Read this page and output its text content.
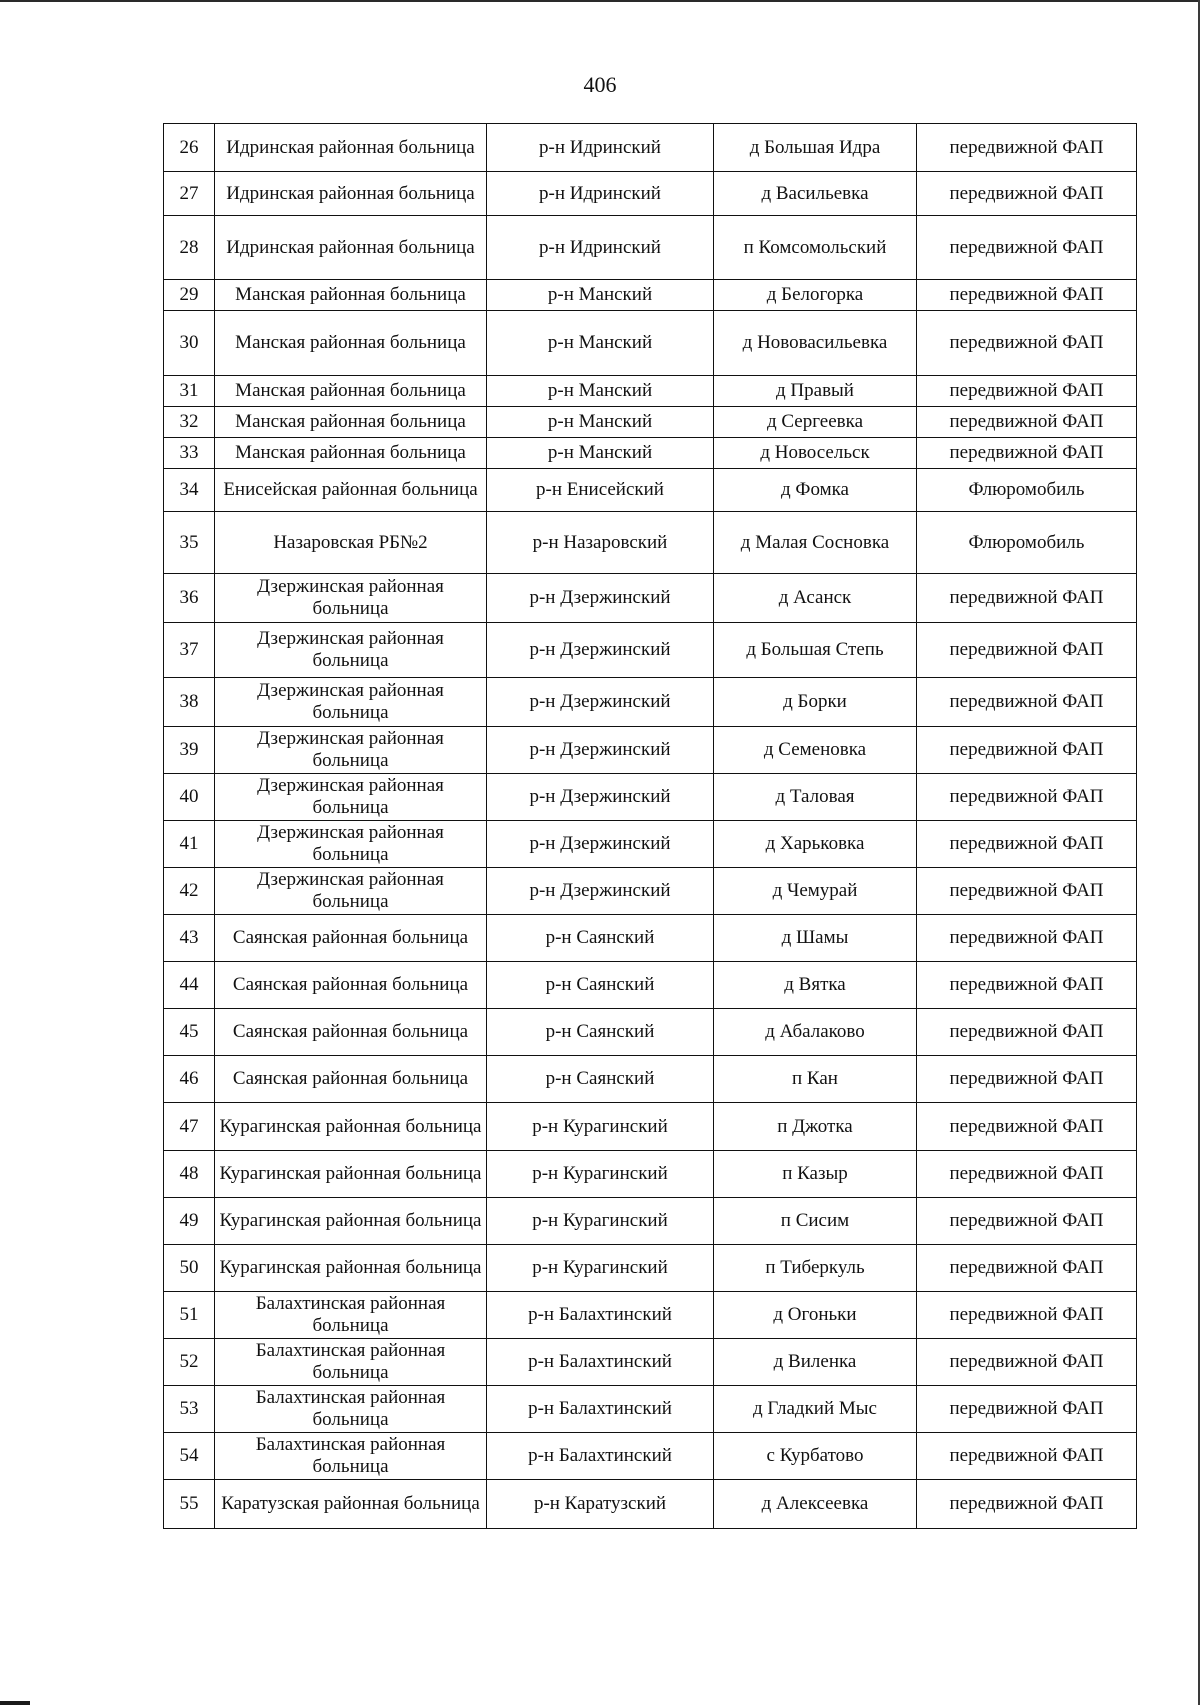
406
26	Идринская районная больница	р-н Идринский	д Большая Идра	передвижной ФАП
27	Идринская районная больница	р-н Идринский	д Васильевка	передвижной ФАП
28	Идринская районная больница	р-н Идринский	п Комсомольский	передвижной ФАП
29	Манская районная больница	р-н Манский	д Белогорка	передвижной ФАП
30	Манская районная больница	р-н Манский	д Нововасильевка	передвижной ФАП
31	Манская районная больница	р-н Манский	д Правый	передвижной ФАП
32	Манская районная больница	р-н Манский	д Сергеевка	передвижной ФАП
33	Манская районная больница	р-н Манский	д Новосельск	передвижной ФАП
34	Енисейская районная больница	р-н Енисейский	д Фомка	Флюромобиль
35	Назаровская РБ№2	р-н Назаровский	д Малая Сосновка	Флюромобиль
36	Дзержинская районная больница	р-н Дзержинский	д Асанск	передвижной ФАП
37	Дзержинская районная больница	р-н Дзержинский	д Большая Степь	передвижной ФАП
38	Дзержинская районная больница	р-н Дзержинский	д Борки	передвижной ФАП
39	Дзержинская районная больница	р-н Дзержинский	д Семеновка	передвижной ФАП
40	Дзержинская районная больница	р-н Дзержинский	д Таловая	передвижной ФАП
41	Дзержинская районная больница	р-н Дзержинский	д Харьковка	передвижной ФАП
42	Дзержинская районная больница	р-н Дзержинский	д Чемурай	передвижной ФАП
43	Саянская районная больница	р-н Саянский	д Шамы	передвижной ФАП
44	Саянская районная больница	р-н Саянский	д Вятка	передвижной ФАП
45	Саянская районная больница	р-н Саянский	д Абалаково	передвижной ФАП
46	Саянская районная больница	р-н Саянский	п Кан	передвижной ФАП
47	Курагинская районная больница	р-н Курагинский	п Джотка	передвижной ФАП
48	Курагинская районная больница	р-н Курагинский	п Казыр	передвижной ФАП
49	Курагинская районная больница	р-н Курагинский	п Сисим	передвижной ФАП
50	Курагинская районная больница	р-н Курагинский	п Тиберкуль	передвижной ФАП
51	Балахтинская районная больница	р-н Балахтинский	д Огоньки	передвижной ФАП
52	Балахтинская районная больница	р-н Балахтинский	д Виленка	передвижной ФАП
53	Балахтинская районная больница	р-н Балахтинский	д Гладкий Мыс	передвижной ФАП
54	Балахтинская районная больница	р-н Балахтинский	с Курбатово	передвижной ФАП
55	Каратузская районная больница	р-н Каратузский	д Алексеевка	передвижной ФАП
